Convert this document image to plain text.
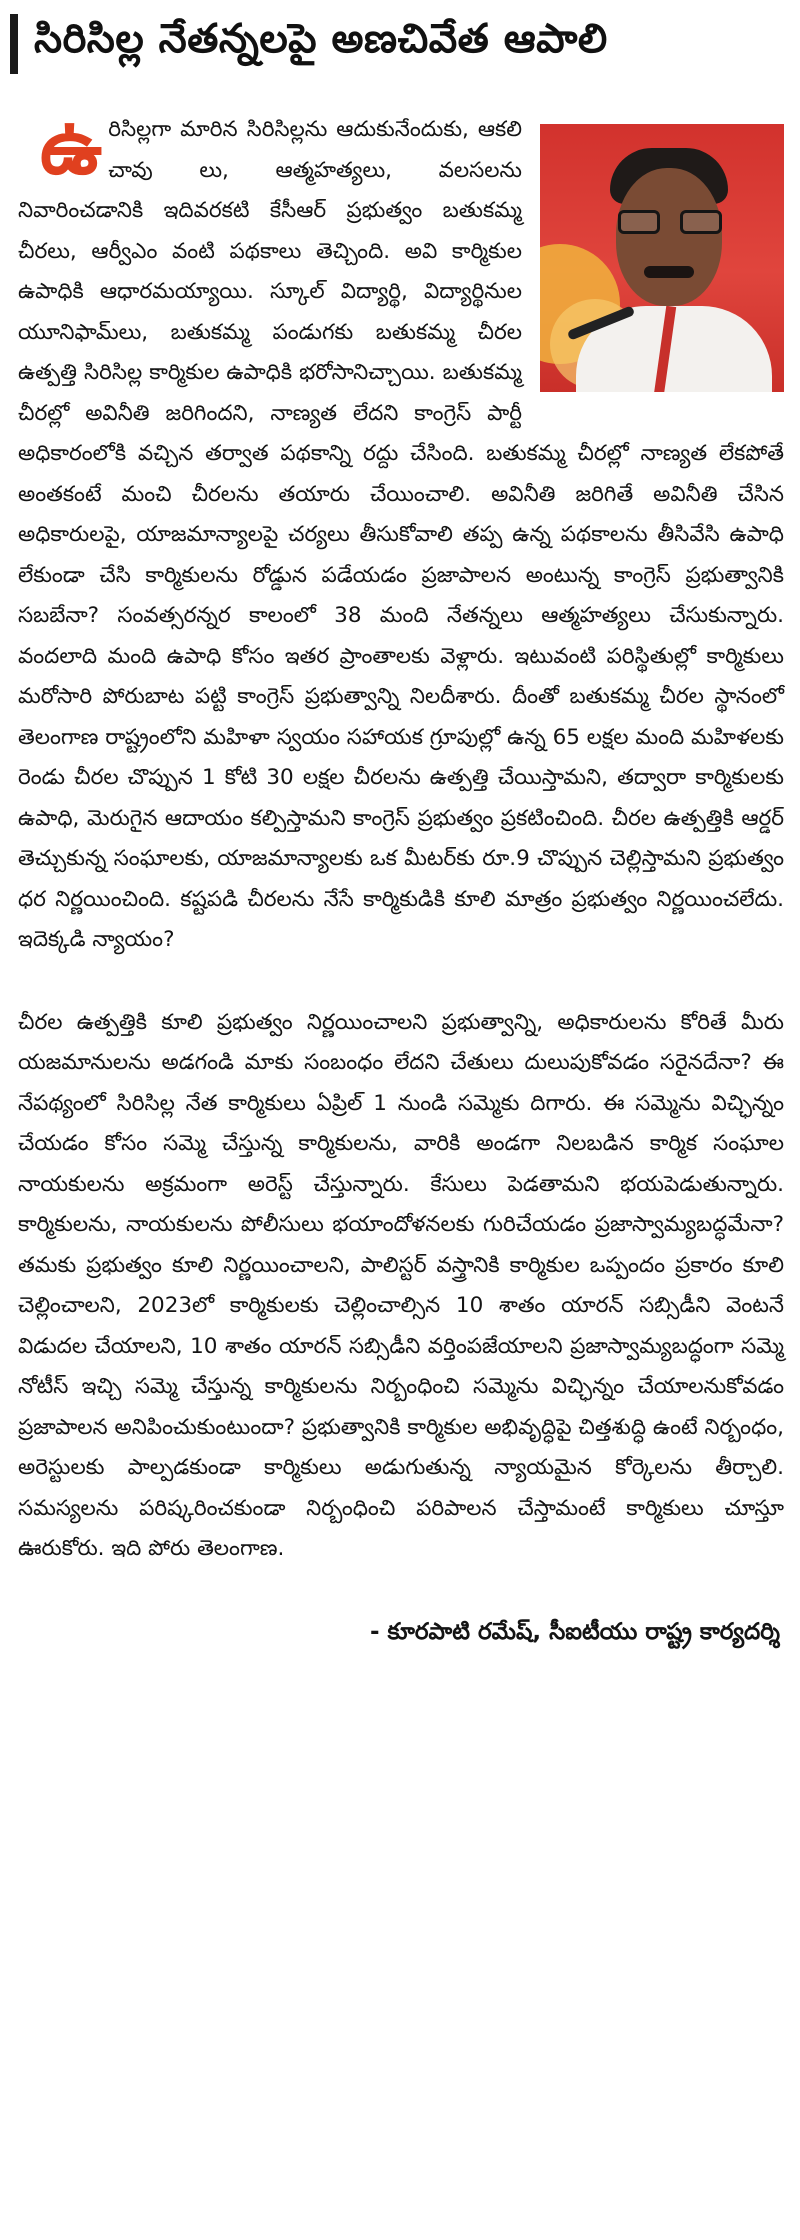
సిరిసిల్ల నేతన్నలపై అణచివేత ఆపాలి
ఉ రిసిల్లగా మారిన సిరిసిల్లను ఆదుకునేందుకు, ఆకలి చావు లు, ఆత్మహత్యలు, వలసలను నివారించడానికి ఇదివరకటి కేసీఆర్ ప్రభుత్వం బతుకమ్మ చీరలు, ఆర్వీఎం వంటి పథకాలు తెచ్చింది. అవి కార్మికుల ఉపాధికి ఆధారమయ్యాయి. స్కూల్ విద్యార్థి, విద్యార్థినుల యూనిఫామ్‌లు, బతుకమ్మ పండుగకు బతుకమ్మ చీరల ఉత్పత్తి సిరిసిల్ల కార్మికుల ఉపాధికి భరోసానిచ్చాయి. బతుకమ్మ చీరల్లో అవినీతి జరిగిందని, నాణ్యత లేదని కాంగ్రెస్ పార్టీ అధికారంలోకి వచ్చిన తర్వాత పథకాన్ని రద్దు చేసింది. బతుకమ్మ చీరల్లో నాణ్యత లేకపోతే అంతకంటే మంచి చీరలను తయారు చేయించాలి. అవినీతి జరిగితే అవినీతి చేసిన అధికారులపై, యాజమాన్యాలపై చర్యలు తీసుకోవాలి తప్ప ఉన్న పథకాలను తీసివేసి ఉపాధి లేకుండా చేసి కార్మికులను రోడ్డున పడేయడం ప్రజాపాలన అంటున్న కాంగ్రెస్ ప్రభుత్వానికి సబబేనా? సంవత్సరన్నర కాలంలో 38 మంది నేతన్నలు ఆత్మహత్యలు చేసుకున్నారు. వందలాది మంది ఉపాధి కోసం ఇతర ప్రాంతాలకు వెళ్లారు. ఇటువంటి పరిస్థితుల్లో కార్మికులు మరోసారి పోరుబాట పట్టి కాంగ్రెస్ ప్రభుత్వాన్ని నిలదీశారు. దీంతో బతుకమ్మ చీరల స్థానంలో తెలంగాణ రాష్ట్రంలోని మహిళా స్వయం సహాయక గ్రూపుల్లో ఉన్న 65 లక్షల మంది మహిళలకు రెండు చీరల చొప్పున 1 కోటి 30 లక్షల చీరలను ఉత్పత్తి చేయిస్తామని, తద్వారా కార్మికులకు ఉపాధి, మెరుగైన ఆదాయం కల్పిస్తామని కాంగ్రెస్ ప్రభుత్వం ప్రకటించింది. చీరల ఉత్పత్తికి ఆర్డర్ తెచ్చుకున్న సంఘాలకు, యాజమాన్యాలకు ఒక మీటర్‌కు రూ.9 చొప్పున చెల్లిస్తామని ప్రభుత్వం ధర నిర్ణయించింది. కష్టపడి చీరలను నేసే కార్మికుడికి కూలి మాత్రం ప్రభుత్వం నిర్ణయించలేదు. ఇదెక్కడి న్యాయం?

చీరల ఉత్పత్తికి కూలి ప్రభుత్వం నిర్ణయించాలని ప్రభుత్వాన్ని, అధికారులను కోరితే మీరు యజమానులను అడగండి మాకు సంబంధం లేదని చేతులు దులుపుకోవడం సరైనదేనా? ఈ నేపథ్యంలో సిరిసిల్ల నేత కార్మికులు ఏప్రిల్ 1 నుండి సమ్మెకు దిగారు. ఈ సమ్మెను విచ్ఛిన్నం చేయడం కోసం సమ్మె చేస్తున్న కార్మికులను, వారికి అండగా నిలబడిన కార్మిక సంఘాల నాయకులను అక్రమంగా అరెస్ట్ చేస్తున్నారు. కేసులు పెడతామని భయపెడుతున్నారు. కార్మికులను, నాయకులను పోలీసులు భయాందోళనలకు గురిచేయడం ప్రజాస్వామ్యబద్ధమేనా? తమకు ప్రభుత్వం కూలి నిర్ణయించాలని, పాలిస్టర్ వస్త్రానికి కార్మికుల ఒప్పందం ప్రకారం కూలి చెల్లించాలని, 2023లో కార్మికులకు చెల్లించాల్సిన 10 శాతం యారన్ సబ్సిడీని వెంటనే విడుదల చేయాలని, 10 శాతం యారన్ సబ్సిడీని వర్తింపజేయాలని ప్రజాస్వామ్యబద్ధంగా సమ్మె నోటీస్ ఇచ్చి సమ్మె చేస్తున్న కార్మికులను నిర్బంధించి సమ్మెను విచ్ఛిన్నం చేయాలనుకోవడం ప్రజాపాలన అనిపించుకుంటుందా? ప్రభుత్వానికి కార్మికుల అభివృద్ధిపై చిత్తశుద్ధి ఉంటే నిర్బంధం, అరెస్టులకు పాల్పడకుండా కార్మికులు అడుగుతున్న న్యాయమైన కోర్కెలను తీర్చాలి. సమస్యలను పరిష్కరించకుండా నిర్బంధించి పరిపాలన చేస్తామంటే కార్మికులు చూస్తూ ఊరుకోరు. ఇది పోరు తెలంగాణ.

- కూరపాటి రమేష్, సీఐటీయు రాష్ట్ర కార్యదర్శి
